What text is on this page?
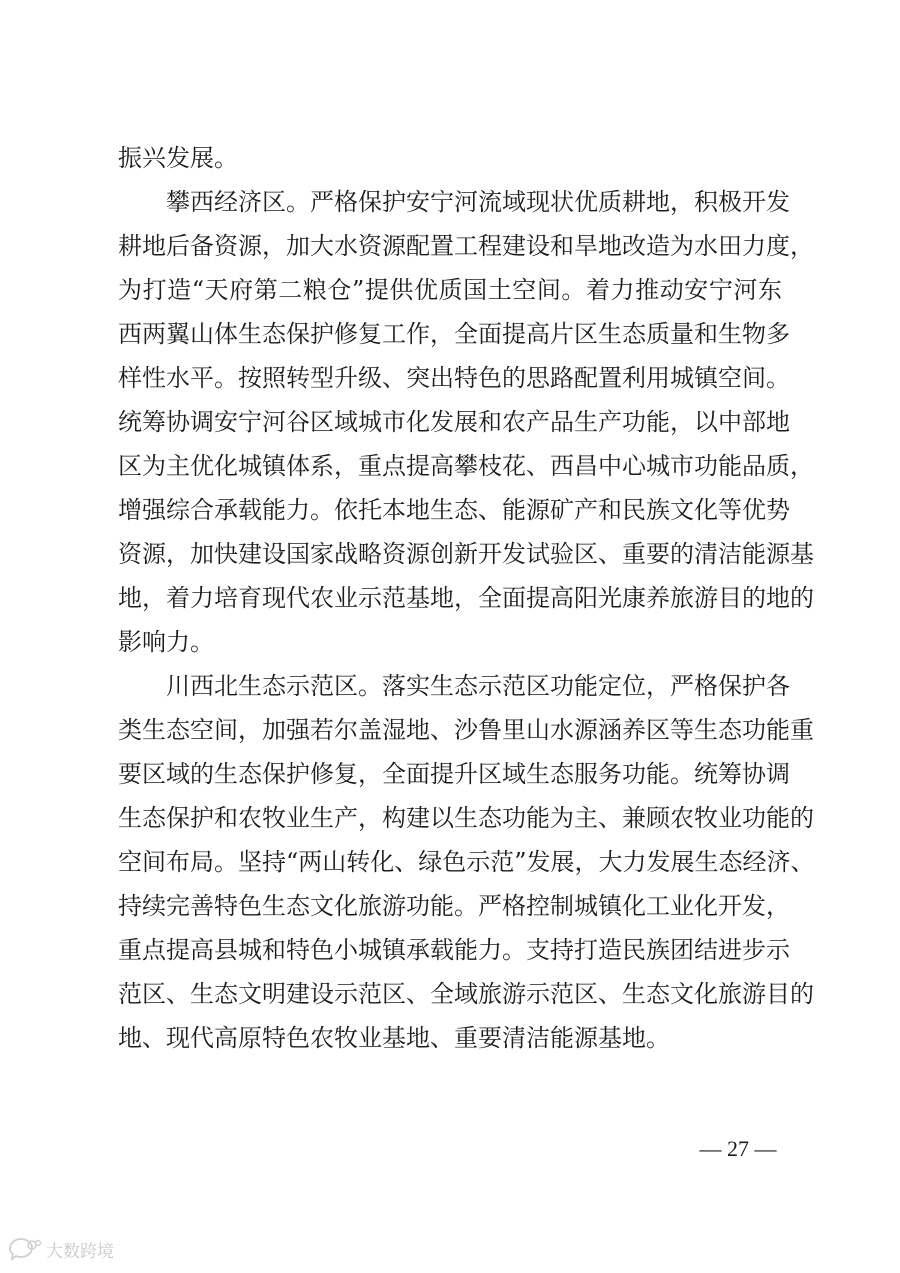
振兴发展。
攀西经济区。严格保护安宁河流域现状优质耕地，积极开发
耕地后备资源，加大水资源配置工程建设和旱地改造为水田力度，
为打造“天府第二粮仓”提供优质国土空间。着力推动安宁河东
西两翼山体生态保护修复工作，全面提高片区生态质量和生物多
样性水平。按照转型升级、突出特色的思路配置利用城镇空间。
统筹协调安宁河谷区域城市化发展和农产品生产功能，以中部地
区为主优化城镇体系，重点提高攀枝花、西昌中心城市功能品质，
增强综合承载能力。依托本地生态、能源矿产和民族文化等优势
资源，加快建设国家战略资源创新开发试验区、重要的清洁能源基
地，着力培育现代农业示范基地，全面提高阳光康养旅游目的地的
影响力。
川西北生态示范区。落实生态示范区功能定位，严格保护各
类生态空间，加强若尔盖湿地、沙鲁里山水源涵养区等生态功能重
要区域的生态保护修复，全面提升区域生态服务功能。统筹协调
生态保护和农牧业生产，构建以生态功能为主、兼顾农牧业功能的
空间布局。坚持“两山转化、绿色示范”发展，大力发展生态经济、
持续完善特色生态文化旅游功能。严格控制城镇化工业化开发，
重点提高县城和特色小城镇承载能力。支持打造民族团结进步示
范区、生态文明建设示范区、全域旅游示范区、生态文化旅游目的
地、现代高原特色农牧业基地、重要清洁能源基地。
— 27 —
大数跨境
